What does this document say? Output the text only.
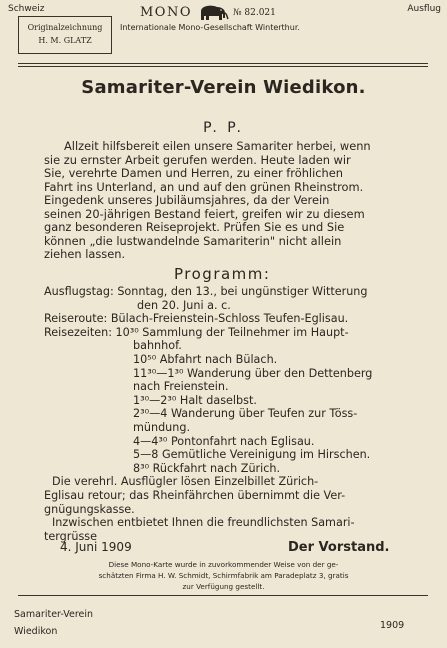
Schweiz	Ausflug
Originalzeichnung
H. M. GLATZ
MONO	№ 82.021
Internationale Mono-Gesellschaft Winterthur.
Samariter-Verein Wiedikon.
P. P.
Allzeit hilfsbereit eilen unsere Samariter herbei, wenn
sie zu ernster Arbeit gerufen werden. Heute laden wir
Sie, verehrte Damen und Herren, zu einer fröhlichen
Fahrt ins Unterland, an und auf den grünen Rheinstrom.
Eingedenk unseres Jubiläumsjahres, da der Verein
seinen 20-jährigen Bestand feiert, greifen wir zu diesem
ganz besonderen Reiseprojekt. Prüfen Sie es und Sie
können „die lustwandelnde Samariterin" nicht allein
ziehen lassen.
Programm:
Ausflugstag: Sonntag, den 13., bei ungünstiger Witterung
den 20. Juni a. c.
Reiseroute: Bülach-Freienstein-Schloss Teufen-Eglisau.
Reisezeiten: 10³⁰ Sammlung der Teilnehmer im Haupt-
bahnhof.
10⁵⁰ Abfahrt nach Bülach.
11³⁰—1³⁰ Wanderung über den Dettenberg
nach Freienstein.
1³⁰—2³⁰ Halt daselbst.
2³⁰—4 Wanderung über Teufen zur Töss-
mündung.
4—4³⁰ Pontonfahrt nach Eglisau.
5—8 Gemütliche Vereinigung im Hirschen.
8³⁰ Rückfahrt nach Zürich.
Die verehrl. Ausflügler lösen Einzelbillet Zürich-
Eglisau retour; das Rheinfährchen übernimmt die Ver-
gnügungskasse.
Inzwischen entbietet Ihnen die freundlichsten Samari-
tergrüsse
4. Juni 1909	Der Vorstand.
Diese Mono-Karte wurde in zuvorkommender Weise von der ge-
schätzten Firma H. W. Schmidt, Schirmfabrik am Paradeplatz 3, gratis
zur Verfügung gestellt.
Samariter-Verein
Wiedikon
1909
